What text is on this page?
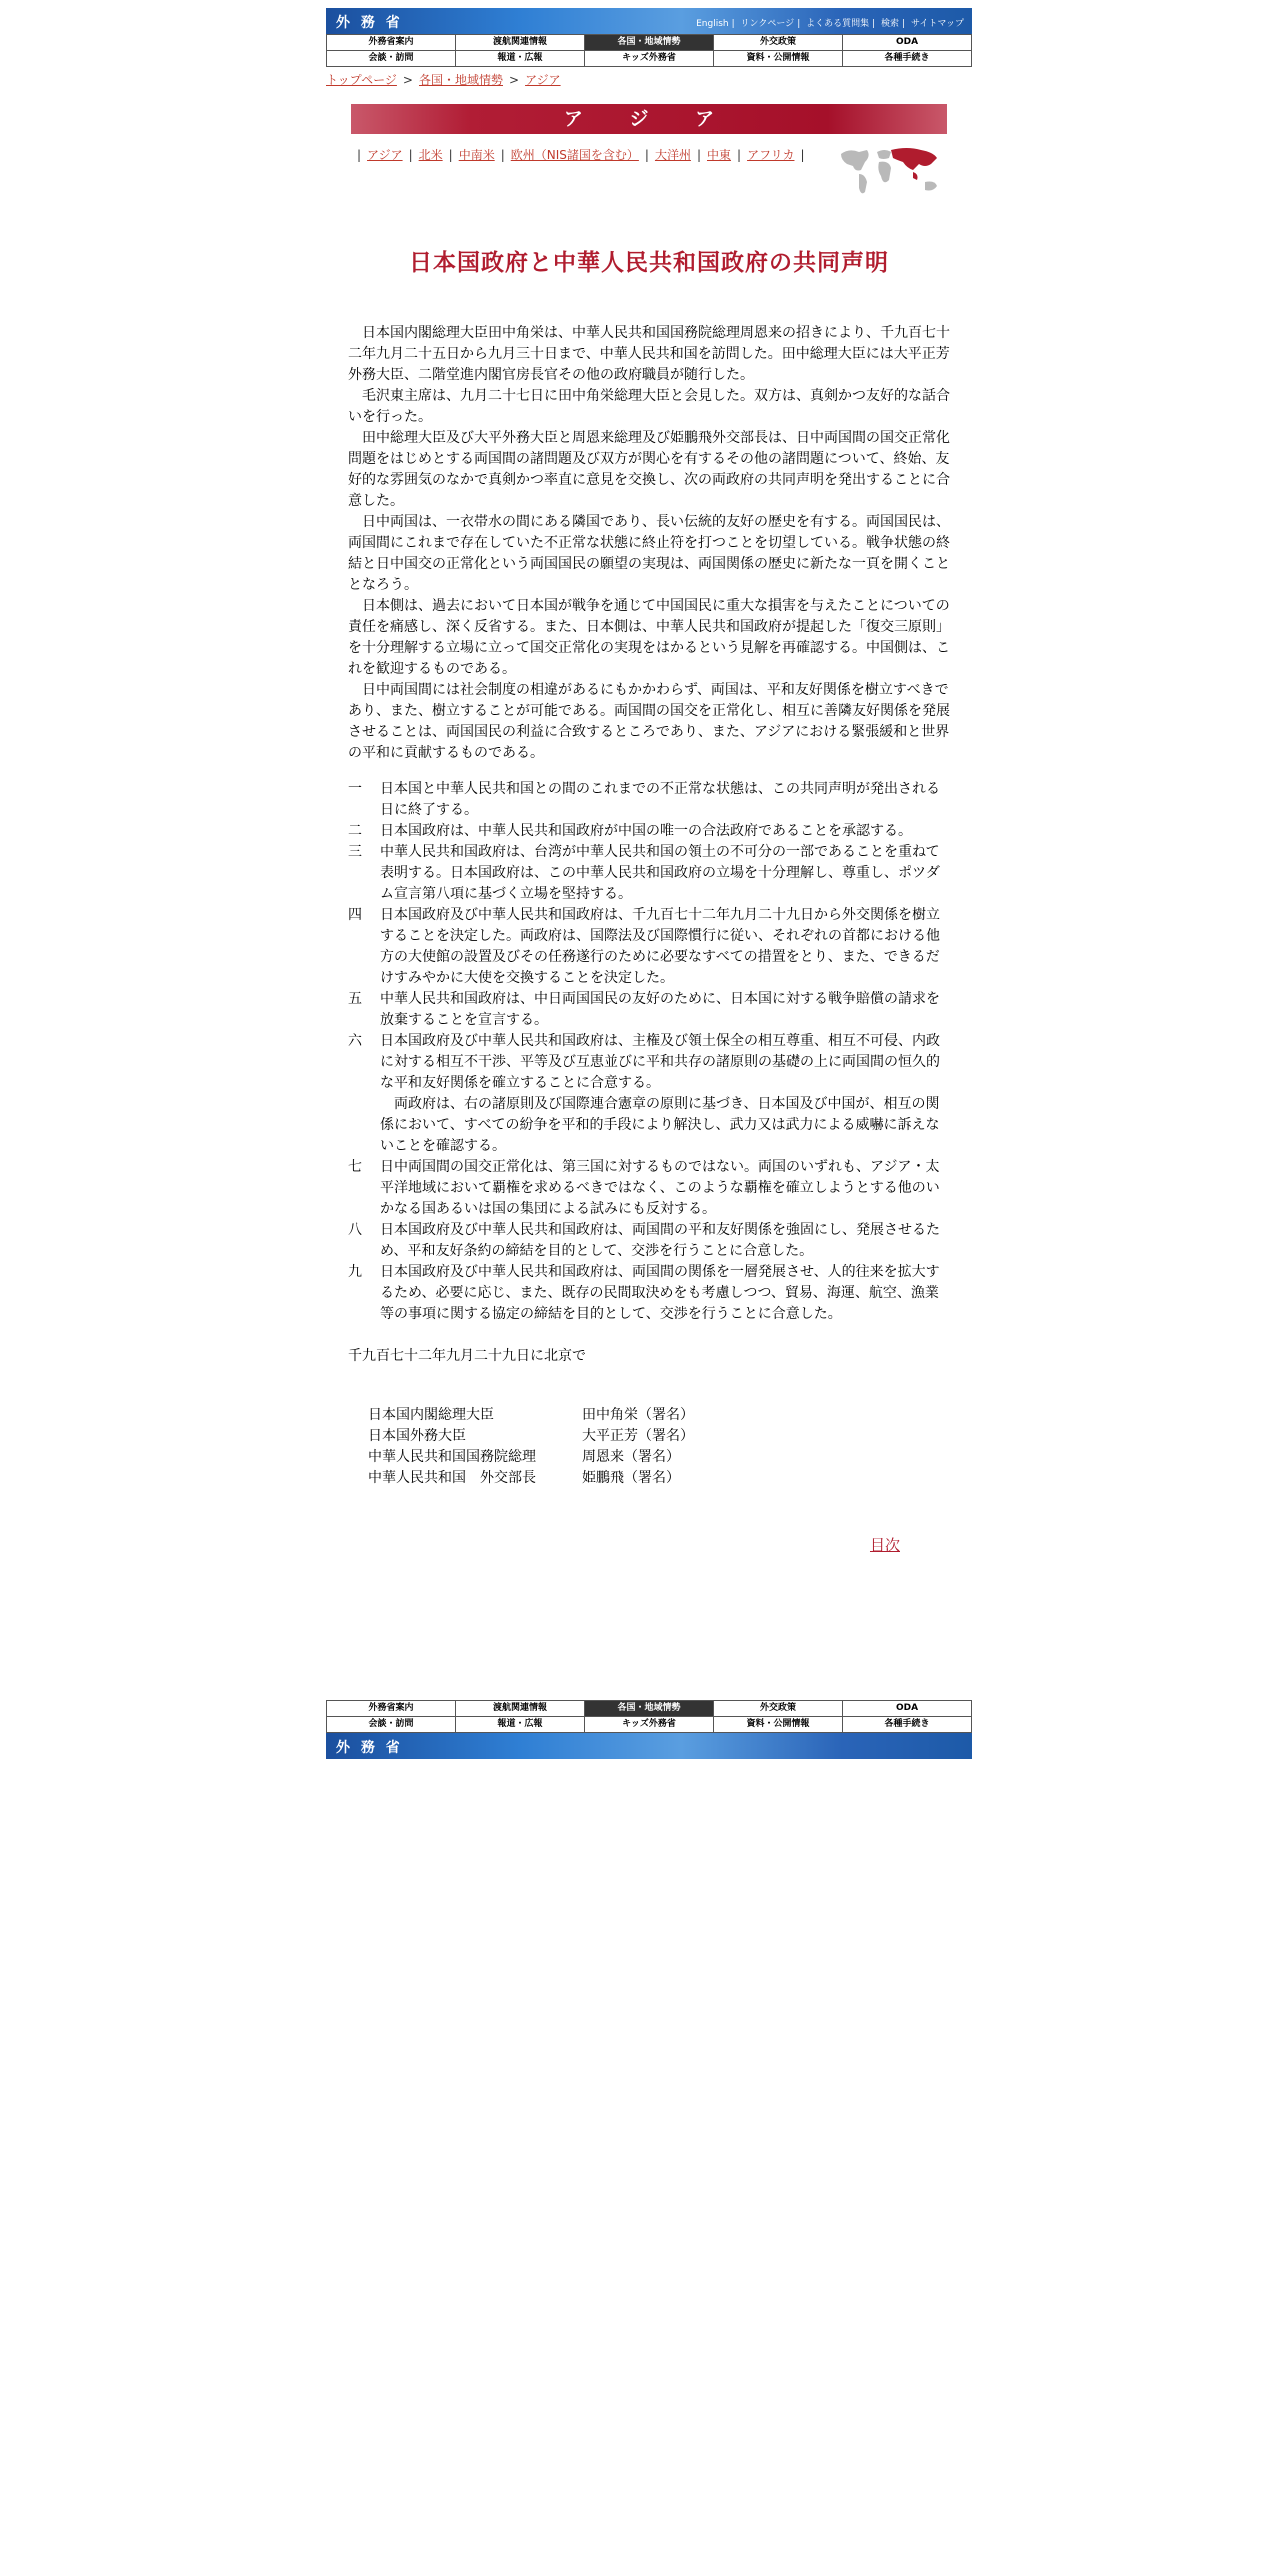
外 務 省	English | リンクページ | よくある質問集 | 検索 | サイトマップ
外務省案内	渡航関連情報	各国・地域情勢	外交政策	ODA
会談・訪問	報道・広報	キッズ外務省	資料・公開情報	各種手続き
トップページ > 各国・地域情勢 > アジア
ア ジ ア
| アジア | 北米 | 中南米 | 欧州（NIS諸国を含む） | 大洋州 | 中東 | アフリカ |
日本国政府と中華人民共和国政府の共同声明

日本国内閣総理大臣田中角栄は、中華人民共和国国務院総理周恩来の招きにより、千九百七十二年九月二十五日から九月三十日まで、中華人民共和国を訪問した。田中総理大臣には大平正芳外務大臣、二階堂進内閣官房長官その他の政府職員が随行した。

毛沢東主席は、九月二十七日に田中角栄総理大臣と会見した。双方は、真剣かつ友好的な話合いを行った。

田中総理大臣及び大平外務大臣と周恩来総理及び姫鵬飛外交部長は、日中両国間の国交正常化問題をはじめとする両国間の諸問題及び双方が関心を有するその他の諸問題について、終始、友好的な雰囲気のなかで真剣かつ率直に意見を交換し、次の両政府の共同声明を発出することに合意した。

日中両国は、一衣帯水の間にある隣国であり、長い伝統的友好の歴史を有する。両国国民は、両国間にこれまで存在していた不正常な状態に終止符を打つことを切望している。戦争状態の終結と日中国交の正常化という両国国民の願望の実現は、両国関係の歴史に新たな一頁を開くこととなろう。

日本側は、過去において日本国が戦争を通じて中国国民に重大な損害を与えたことについての責任を痛感し、深く反省する。また、日本側は、中華人民共和国政府が提起した「復交三原則」を十分理解する立場に立って国交正常化の実現をはかるという見解を再確認する。中国側は、これを歓迎するものである。

日中両国間には社会制度の相違があるにもかかわらず、両国は、平和友好関係を樹立すべきであり、また、樹立することが可能である。両国間の国交を正常化し、相互に善隣友好関係を発展させることは、両国国民の利益に合致するところであり、また、アジアにおける緊張緩和と世界の平和に貢献するものである。

一	日本国と中華人民共和国との間のこれまでの不正常な状態は、この共同声明が発出される日に終了する。
二	日本国政府は、中華人民共和国政府が中国の唯一の合法政府であることを承認する。
三	中華人民共和国政府は、台湾が中華人民共和国の領土の不可分の一部であることを重ねて表明する。日本国政府は、この中華人民共和国政府の立場を十分理解し、尊重し、ポツダム宣言第八項に基づく立場を堅持する。
四	日本国政府及び中華人民共和国政府は、千九百七十二年九月二十九日から外交関係を樹立することを決定した。両政府は、国際法及び国際慣行に従い、それぞれの首都における他方の大使館の設置及びその任務遂行のために必要なすべての措置をとり、また、できるだけすみやかに大使を交換することを決定した。
五	中華人民共和国政府は、中日両国国民の友好のために、日本国に対する戦争賠償の請求を放棄することを宣言する。
六	日本国政府及び中華人民共和国政府は、主権及び領土保全の相互尊重、相互不可侵、内政に対する相互不干渉、平等及び互恵並びに平和共存の諸原則の基礎の上に両国間の恒久的な平和友好関係を確立することに合意する。
両政府は、右の諸原則及び国際連合憲章の原則に基づき、日本国及び中国が、相互の関係において、すべての紛争を平和的手段により解決し、武力又は武力による威嚇に訴えないことを確認する。
七	日中両国間の国交正常化は、第三国に対するものではない。両国のいずれも、アジア・太平洋地域において覇権を求めるべきではなく、このような覇権を確立しようとする他のいかなる国あるいは国の集団による試みにも反対する。
八	日本国政府及び中華人民共和国政府は、両国間の平和友好関係を強固にし、発展させるため、平和友好条約の締結を目的として、交渉を行うことに合意した。
九	日本国政府及び中華人民共和国政府は、両国間の関係を一層発展させ、人的往来を拡大するため、必要に応じ、また、既存の民間取決めをも考慮しつつ、貿易、海運、航空、漁業等の事項に関する協定の締結を目的として、交渉を行うことに合意した。
千九百七十二年九月二十九日に北京で
日本国内閣総理大臣	田中角栄（署名）
日本国外務大臣	大平正芳（署名）
中華人民共和国国務院総理	周恩来（署名）
中華人民共和国　外交部長	姫鵬飛（署名）
目次
外務省案内	渡航関連情報	各国・地域情勢	外交政策	ODA
会談・訪問	報道・広報	キッズ外務省	資料・公開情報	各種手続き
外 務 省
